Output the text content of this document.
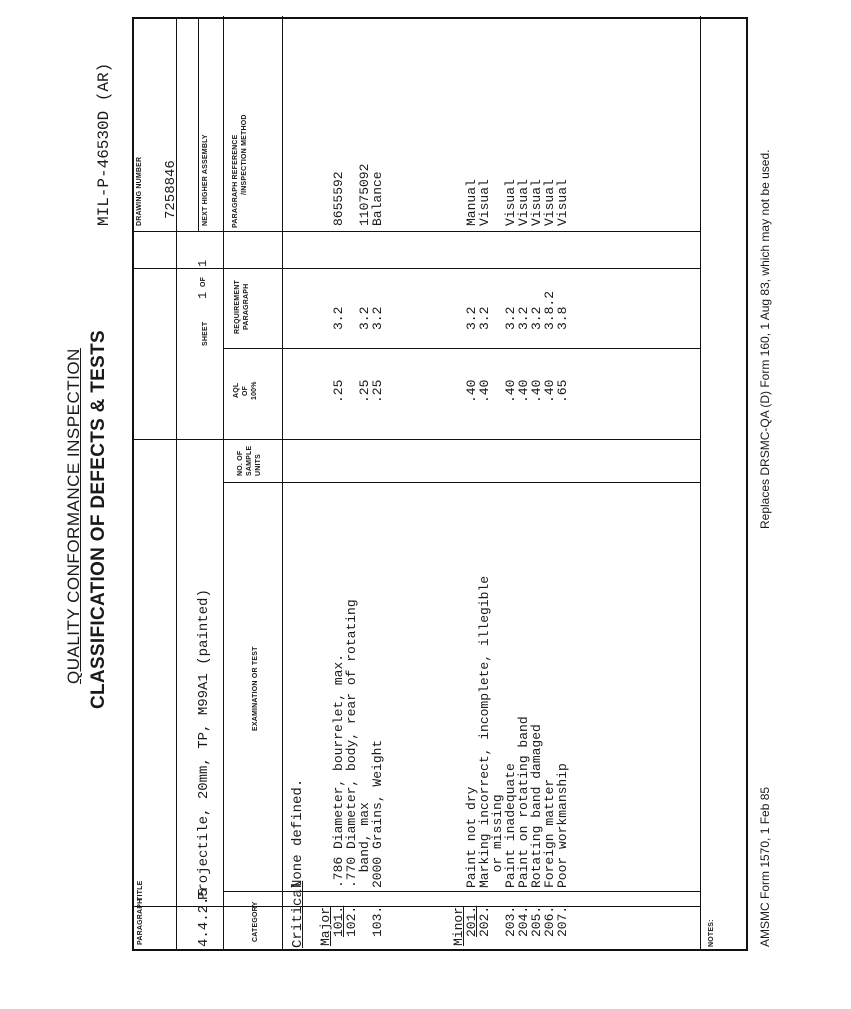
QUALITY CONFORMANCE INSPECTION CLASSIFICATION OF DEFECTS & TESTS
MIL-P-46530D (AR)
PARAGRAPH
TITLE
DRAWING NUMBER 7258846	NEXT HIGHER ASSEMBLY
4.4.2.5
Projectile, 20mm, TP, M99A1 (painted)
SHEET
1
OF
1
CATEGORY
EXAMINATION OR TEST
NO. OF SAMPLE UNITS
AQL OF 100%
REQUIREMENT PARAGRAPH
PARAGRAPH REFERENCE /INSPECTION METHOD
Critical
None defined.
Major
101.
102. 103.
.786 Diameter, bourrelet, max.
.770 Diameter, body, rear of rotating
band, max
2000 Grains, Weight
.25 .25
.25
3.2 3.2
3.2
8655592 11075092
Balance
Minor
201.
202. 203.
204.
205.
206.
207.
Paint not dry
Marking incorrect, incomplete, illegible
or missing
Paint inadequate
Paint on rotating band
Rotating band damaged
Foreign matter
Poor workmanship
.40
.40 .40
.40
.40
.40
.65
3.2
3.2 3.2
3.2
3.2
3.8.2
3.8
Manual
Visual Visual
Visual
Visual
Visual
Visual
NOTES:	AMSMC Form 1570, 1 Feb 85
Replaces DRSMC-QA (D) Form 160, 1 Aug 83, which may not be used.
